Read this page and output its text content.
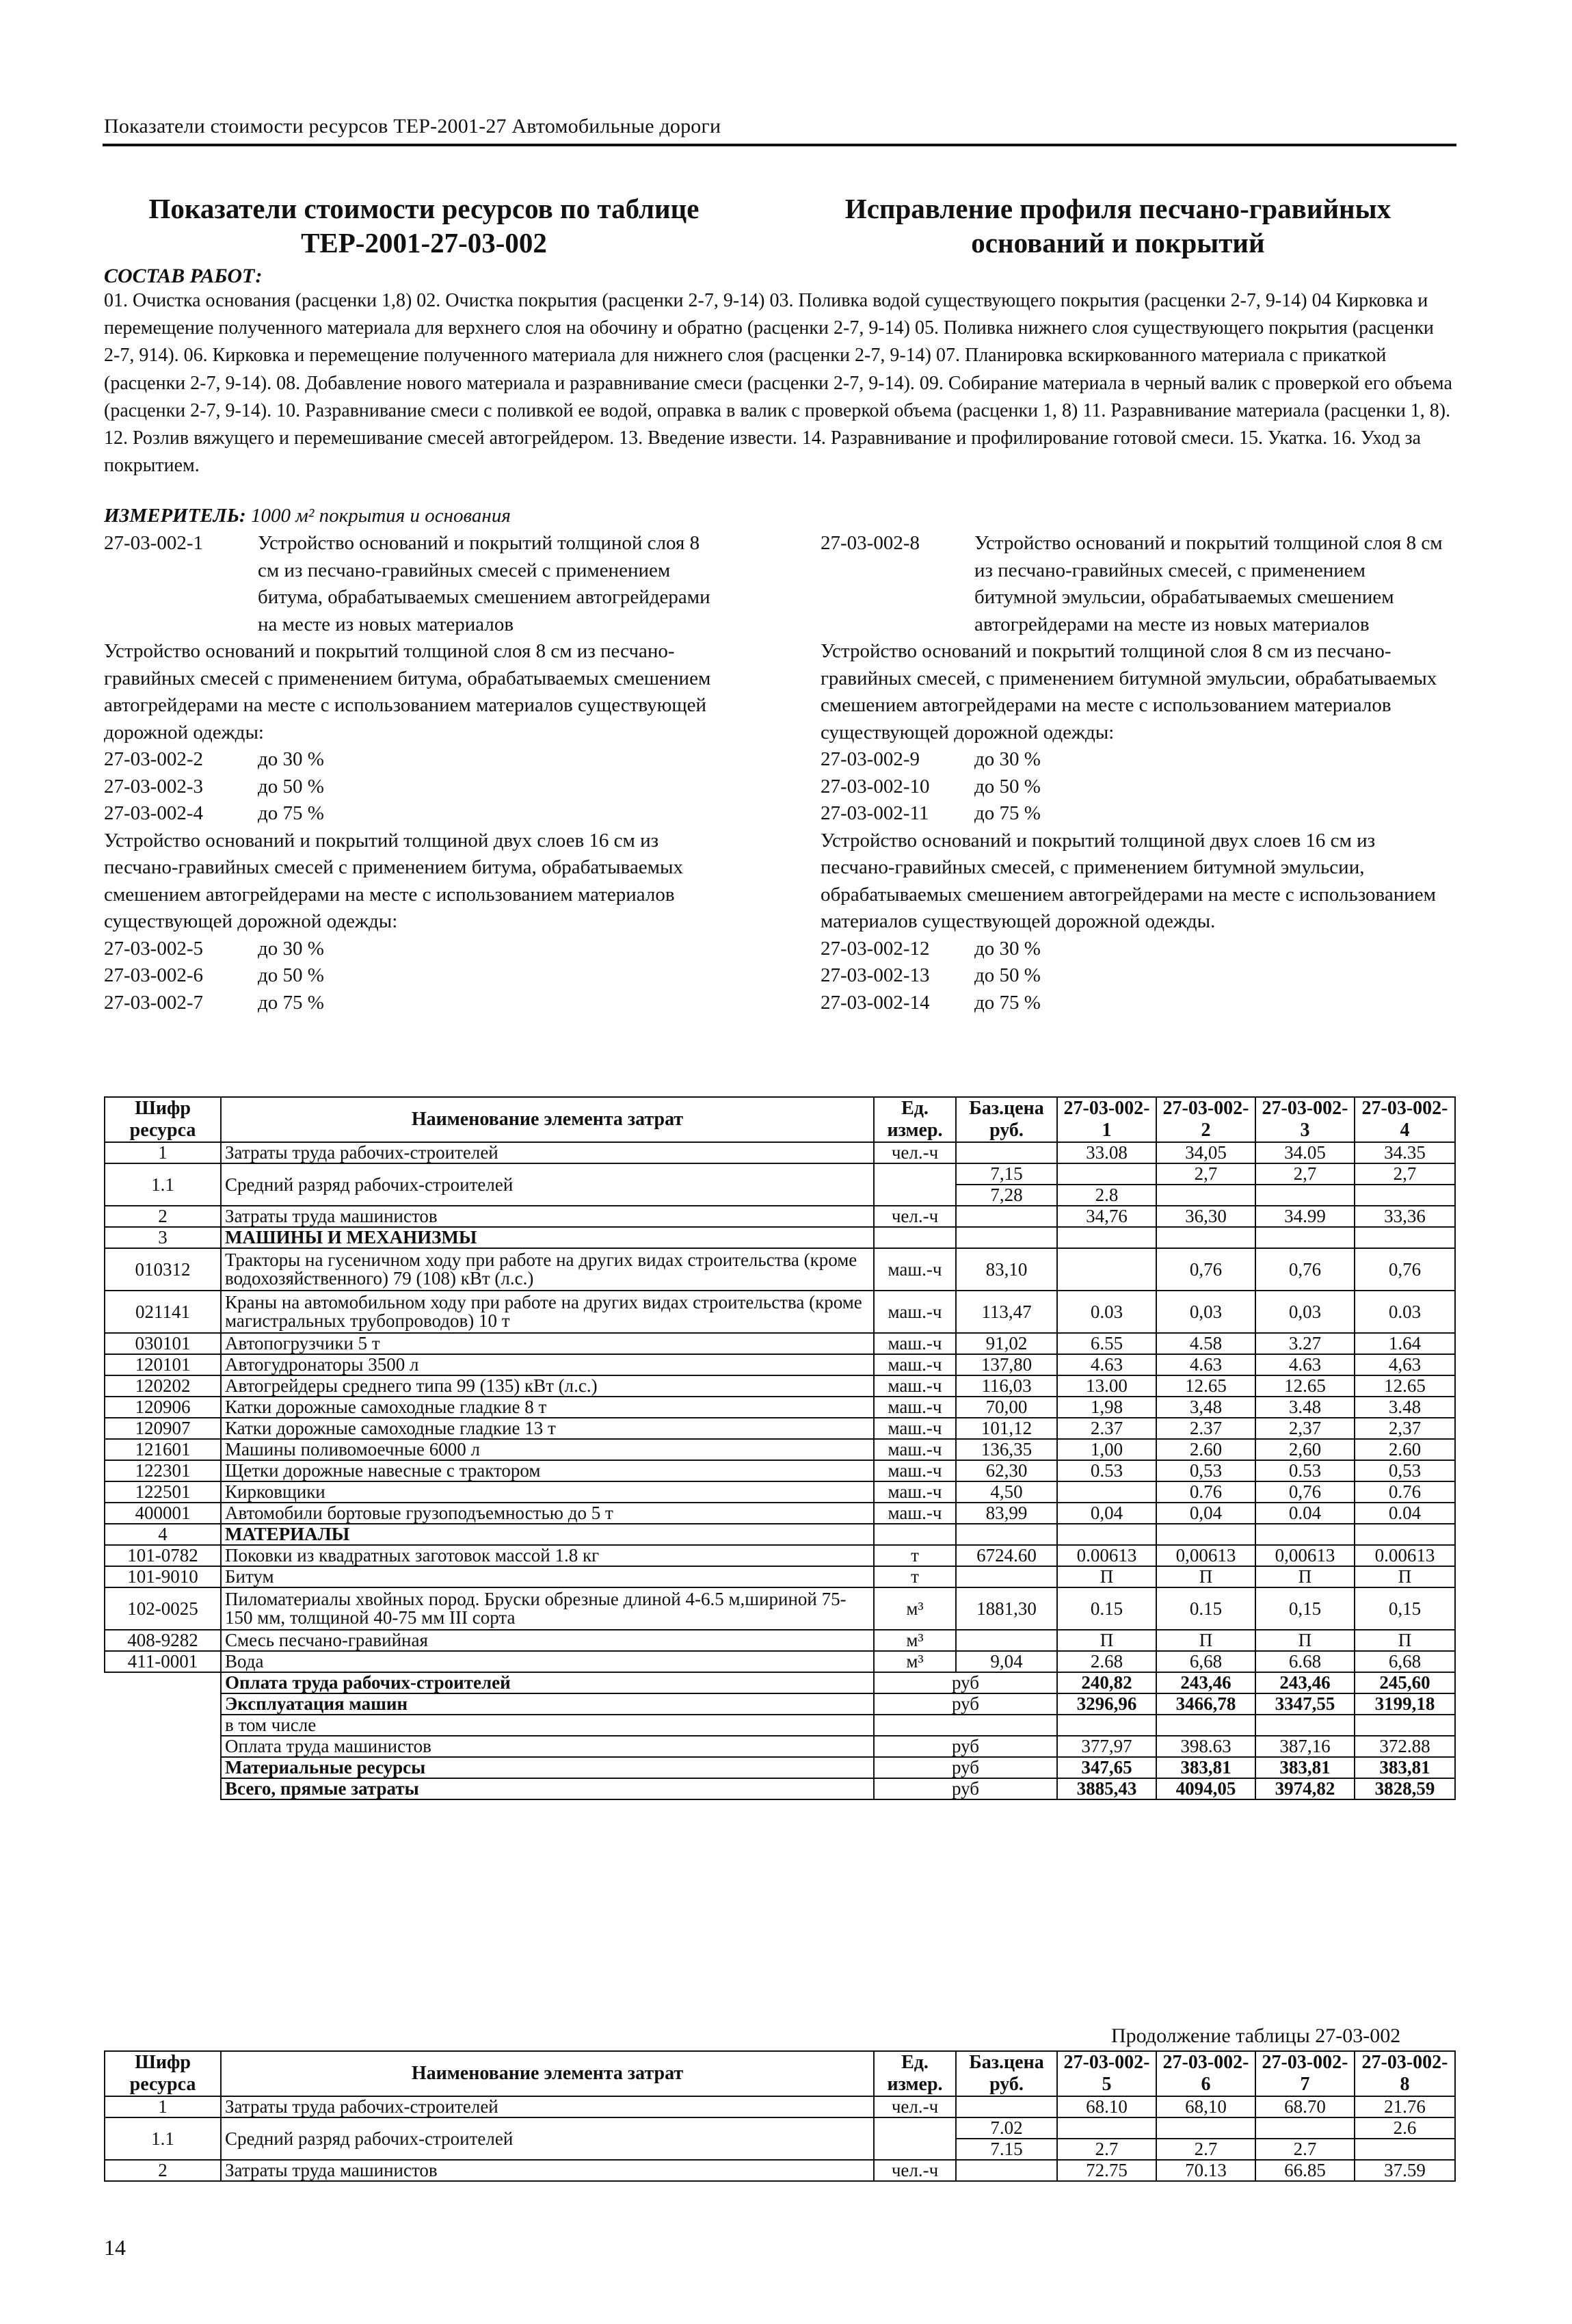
Показатели стоимости ресурсов ТЕР-2001-27 Автомобильные дороги
Показатели стоимости ресурсов по таблице ТЕР-2001-27-03-002
Исправление профиля песчано-гравийных оснований и покрытий
СОСТАВ РАБОТ:
01. Очистка основания (расценки 1,8) 02. Очистка покрытия (расценки 2-7, 9-14) 03. Поливка водой существующего покрытия (расценки 2-7, 9-14) 04 Кирковка и перемещение полученного материала для верхнего слоя на обочину и обратно (расценки 2-7, 9-14) 05. Поливка нижнего слоя существующего покрытия (расценки 2-7, 914). 06. Кирковка и перемещение полученного материала для нижнего слоя (расценки 2-7, 9-14) 07. Планировка вскиркованного материала с прикаткой (расценки 2-7, 9-14). 08. Добавление нового материала и разравнивание смеси (расценки 2-7, 9-14). 09. Собирание материала в черный валик с проверкой его объема (расценки 2-7, 9-14). 10. Разравнивание смеси с поливкой ее водой, оправка в валик с проверкой объема (расценки 1, 8) 11. Разравнивание материала (расценки 1, 8). 12. Розлив вяжущего и перемешивание смесей автогрейдером. 13. Введение извести. 14. Разравнивание и профилирование готовой смеси. 15. Укатка. 16. Уход за покрытием.
ИЗМЕРИТЕЛЬ: 1000 м² покрытия и основания
27-03-002-1	Устройство оснований и покрытий толщиной слоя 8 см из песчано-гравийных смесей с применением битума, обрабатываемых смешением автогрейдерами на месте из новых материалов

Устройство оснований и покрытий толщиной слоя 8 см из песчано-гравийных смесей с применением битума, обрабатываемых смешением автогрейдерами на месте с использованием материалов существующей дорожной одежды:

27-03-002-2	до 30 %
27-03-002-3	до 50 %
27-03-002-4	до 75 %

Устройство оснований и покрытий толщиной двух слоев 16 см из песчано-гравийных смесей с применением битума, обрабатываемых смешением автогрейдерами на месте с использованием материалов существующей дорожной одежды:

27-03-002-5	до 30 %
27-03-002-6	до 50 %
27-03-002-7	до 75 %
27-03-002-8	Устройство оснований и покрытий толщиной слоя 8 см из песчано-гравийных смесей, с применением битумной эмульсии, обрабатываемых смешением автогрейдерами на месте из новых материалов

Устройство оснований и покрытий толщиной слоя 8 см из песчано-гравийных смесей, с применением битумной эмульсии, обрабатываемых смешением автогрейдерами на месте с использованием материалов существующей дорожной одежды:

27-03-002-9	до 30 %
27-03-002-10	до 50 %
27-03-002-11	до 75 %

Устройство оснований и покрытий толщиной двух слоев 16 см из песчано-гравийных смесей, с применением битумной эмульсии, обрабатываемых смешением автогрейдерами на месте с использованием материалов существующей дорожной одежды.

27-03-002-12	до 30 %
27-03-002-13	до 50 %
27-03-002-14	до 75 %
Шифр ресурса	Наименование элемента затрат	Ед. измер.	Баз.цена руб.	27-03-002-1	27-03-002-2	27-03-002-3	27-03-002-4
1	Затраты труда рабочих-строителей	чел.-ч		33.08	34,05	34.05	34.35
1.1	Средний разряд рабочих-строителей		7,15		2,7	2,7	2,7
			7,28	2.8			
2	Затраты труда машинистов	чел.-ч		34,76	36,30	34.99	33,36
3	МАШИНЫ И МЕХАНИЗМЫ						
010312	Тракторы на гусеничном ходу при работе на других видах строительства (кроме водохозяйственного) 79 (108) кВт (л.с.)	маш.-ч	83,10		0,76	0,76	0,76
021141	Краны на автомобильном ходу при работе на других видах строительства (кроме магистральных трубопроводов) 10 т	маш.-ч	113,47	0.03	0,03	0,03	0.03
030101	Автопогрузчики 5 т	маш.-ч	91,02	6.55	4.58	3.27	1.64
120101	Автогудронаторы 3500 л	маш.-ч	137,80	4.63	4.63	4.63	4,63
120202	Автогрейдеры среднего типа 99 (135) кВт (л.с.)	маш.-ч	116,03	13.00	12.65	12.65	12.65
120906	Катки дорожные самоходные гладкие 8 т	маш.-ч	70,00	1,98	3,48	3.48	3.48
120907	Катки дорожные самоходные гладкие 13 т	маш.-ч	101,12	2.37	2.37	2,37	2,37
121601	Машины поливомоечные 6000 л	маш.-ч	136,35	1,00	2.60	2,60	2.60
122301	Щетки дорожные навесные с трактором	маш.-ч	62,30	0.53	0,53	0.53	0,53
122501	Кирковщики	маш.-ч	4,50		0.76	0,76	0.76
400001	Автомобили бортовые грузоподъемностью до 5 т	маш.-ч	83,99	0,04	0,04	0.04	0.04
4	МАТЕРИАЛЫ						
101-0782	Поковки из квадратных заготовок массой 1.8 кг	т	6724.60	0.00613	0,00613	0,00613	0.00613
101-9010	Битум	т		П	П	П	П
102-0025	Пиломатериалы хвойных пород. Бруски обрезные длиной 4-6.5 м,шириной 75-150 мм, толщиной 40-75 мм III сорта	м³	1881,30	0.15	0.15	0,15	0,15
408-9282	Смесь песчано-гравийная	м³		П	П	П	П
411-0001	Вода	м³	9,04	2.68	6,68	6.68	6,68
	Оплата труда рабочих-строителей	руб		240,82	243,46	243,46	245,60
	Эксплуатация машин	руб		3296,96	3466,78	3347,55	3199,18
	в том числе						
	Оплата труда машинистов	руб		377,97	398.63	387,16	372.88
	Материальные ресурсы	руб		347,65	383,81	383,81	383,81
	Всего, прямые затраты	руб		3885,43	4094,05	3974,82	3828,59
Продолжение таблицы 27-03-002
Шифр ресурса	Наименование элемента затрат	Ед. измер.	Баз.цена руб.	27-03-002-5	27-03-002-6	27-03-002-7	27-03-002-8
1	Затраты труда рабочих-строителей	чел.-ч		68.10	68,10	68.70	21.76
1.1	Средний разряд рабочих-строителей		7.02				2.6
			7.15	2.7	2.7	2.7	
2	Затраты труда машинистов	чел.-ч		72.75	70.13	66.85	37.59
14
